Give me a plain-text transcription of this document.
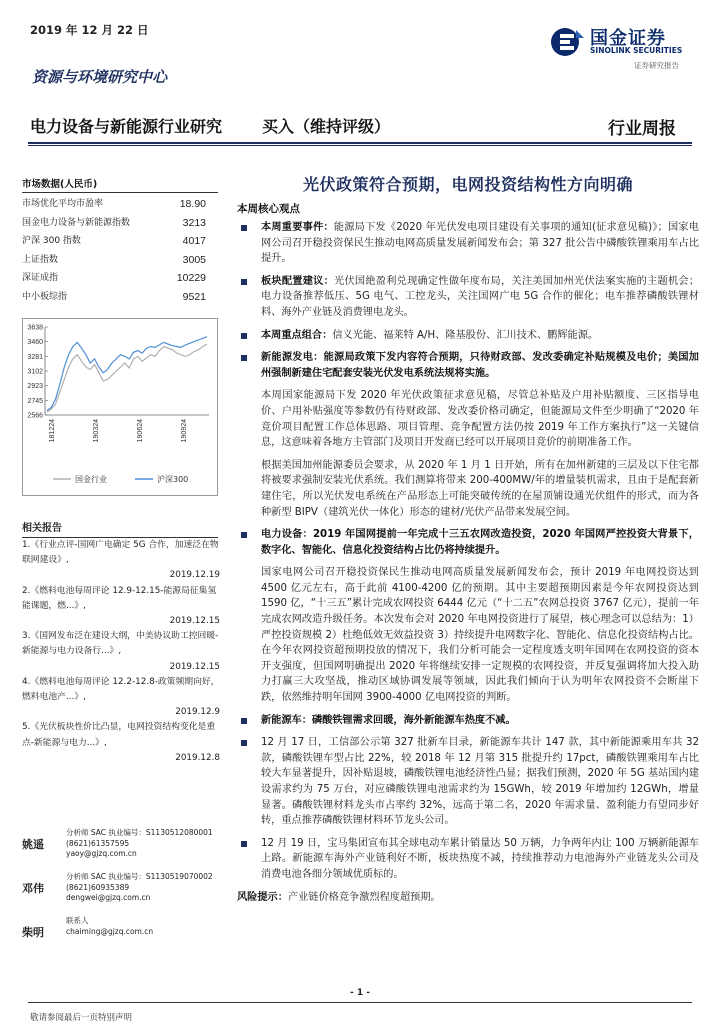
2019 年 12 月 22 日	国金证券
SINOLINK SECURITIES
证券研究报告
资源与环境研究中心
电力设备与新能源行业研究 买入（维持评级）	行业周报
市场数据(人民币)
市场优化平均市盈率	18.90
国金电力设备与新能源指数	3213
沪深 300 指数	4017
上证指数	3005
深证成指	10229
中小板综指	9521
3638
3460
3281
3102
2923
2745
2566
181224	190324	190624	190924
国金行业	沪深300
相关报告
1.《行业点评-国网广电确定 5G 合作，加速泛在物联网建设》,
2019.12.19
2.《燃料电池每周评论 12.9-12.15-能源局征集氢能课题，燃...》,
2019.12.15
3.《国网发布泛在建设大纲，中美协议助工控回暖-新能源与电力设备行...》,
2019.12.15
4.《燃料电池每周评论 12.2-12.8-政策频期向好，燃料电池产...》,
2019.12.9
5.《光伏板块性价比凸显，电网投资结构变化是重点-新能源与电力...》,
2019.12.8
姚遥
分析师 SAC 执业编号：S1130512080001
(8621)61357595
yaoy@gjzq.com.cn
邓伟
分析师 SAC 执业编号：S1130519070002
(8621)60935389
dengwei@gjzq.com.cn
柴明
联系人
chaiming@gjzq.com.cn
光伏政策符合预期，电网投资结构性方向明确
本周核心观点
本周重要事件：能源局下发《2020 年光伏发电项目建设有关事项的通知(征求意见稿)》；国家电网公司召开稳投资保民生推动电网高质量发展新闻发布会；第 327 批公告中磷酸铁锂乘用车占比提升。
板块配置建议：光伏国絶盈利兑现确定性做年度布局，关注美国加州光伏法案实施的主题机会；电力设备推荐低压、5G 电气、工控龙头，关注国网广电 5G 合作的催化；电车推荐磷酸铁锂材料、海外产业链及消费锂电龙头。
本周重点组合：信义光能、福莱特 A/H、隆基股份、汇川技术、鹏辉能源。
新能源发电：能源局政策下发内容符合预期，只待财政部、发改委确定补贴规模及电价；美国加州强制新建住宅配套安装光伏发电系统法规将实施。
本周国家能源局下发 2020 年光伏政策征求意见稿，尽管总补贴及户用补贴额度、三区指导电价、户用补贴强度等参数仍有待财政部、发改委价格司确定，但能源局文件至少明确了“2020 年竞价项目配置工作总体思路、项目管理、竞争配置方法仍按 2019 年工作方案执行”这一关键信息，这意味着各地方主管部门及项目开发商已经可以开展项目竞价的前期准备工作。
根据美国加州能源委员会要求，从 2020 年 1 月 1 日开始，所有在加州新建的三层及以下住宅都将被要求强制安装光伏系统。我们测算将带来 200-400MW/年的增量装机需求，且由于是配套新建住宅，所以光伏发电系统在产品形态上可能突破传统的在屋顶铺设通光伏组件的形式，而为各种新型 BIPV（建筑光伏一体化）形态的建材/光伏产品带来发展空间。
电力设备：2019 年国网提前一年完成十三五农网改造投资，2020 年国网严控投资大背景下，数字化、智能化、信息化投资结构占比仍将持续提升。
国家电网公司召开稳投资保民生推动电网高质量发展新闻发布会，预计 2019 年电网投资达到 4500 亿元左右，高于此前 4100-4200 亿的预期。其中主要超预期因素是今年农网投资达到 1590 亿，“十三五”累计完成农网投资 6444 亿元（“十二五”农网总投资 3767 亿元），提前一年完成农网改造升级任务。本次发布会对 2020 年电网投资进行了展望，核心理念可以总结为：1）严控投资规模 2）杜绝低效无效益投资 3）持续提升电网数字化、智能化、信息化投资结构占比。在今年农网投资超预期投放的情况下，我们分析可能会一定程度透支明年国网在农网投资的资本开支强度，但国网明确提出 2020 年将继续安排一定规模的农网投资，并反复强调将加大投入助力打赢三大攻坚战，推动区域协调发展等领域，因此我们倾向于认为明年农网投资不会断崖下跌，依然维持明年国网 3900-4000 亿电网投资的判断。
新能源车：磷酸铁锂需求回暖，海外新能源车热度不减。
12 月 17 日，工信部公示第 327 批新车目录，新能源车共计 147 款，其中新能源乘用车共 32 款，磷酸铁锂车型占比 22%，较 2018 年 12 月第 315 批提升约 17pct，磷酸铁锂乘用车占比较大车显著提升，因补贴退坡，磷酸铁锂电池经济性凸显；据我们预测，2020 年 5G 基站国内建设需求约为 75 万台，对应磷酸铁锂电池需求约为 15GWh，较 2019 年增加约 12GWh，增量显著。磷酸铁锂材料龙头市占率约 32%，远高于第二名，2020 年需求量、盈利能力有望同步好转，重点推荐磷酸铁锂材料环节龙头公司。
12 月 19 日，宝马集团宣布其全球电动车累计销量达 50 万辆，力争两年内让 100 万辆新能源车上路。新能源车海外产业链利好不断，板块热度不减，持续推荐动力电池海外产业链龙头公司及消费电池各细分领域优质标的。
风险提示：产业链价格竞争激烈程度超预期。
- 1 -
敬请参阅最后一页特别声明
